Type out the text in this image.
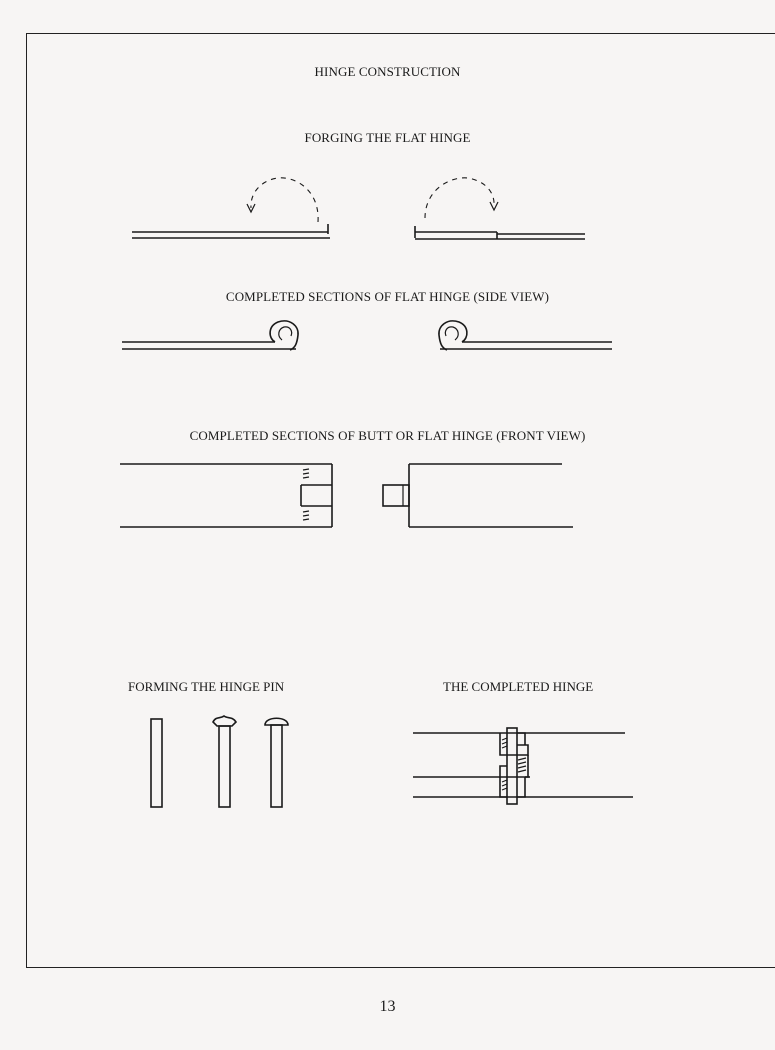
HINGE CONSTRUCTION
FORGING THE FLAT HINGE
COMPLETED SECTIONS OF FLAT HINGE (SIDE VIEW)
COMPLETED SECTIONS OF BUTT OR FLAT HINGE (FRONT VIEW)
FORMING THE HINGE PIN	THE COMPLETED HINGE
13
